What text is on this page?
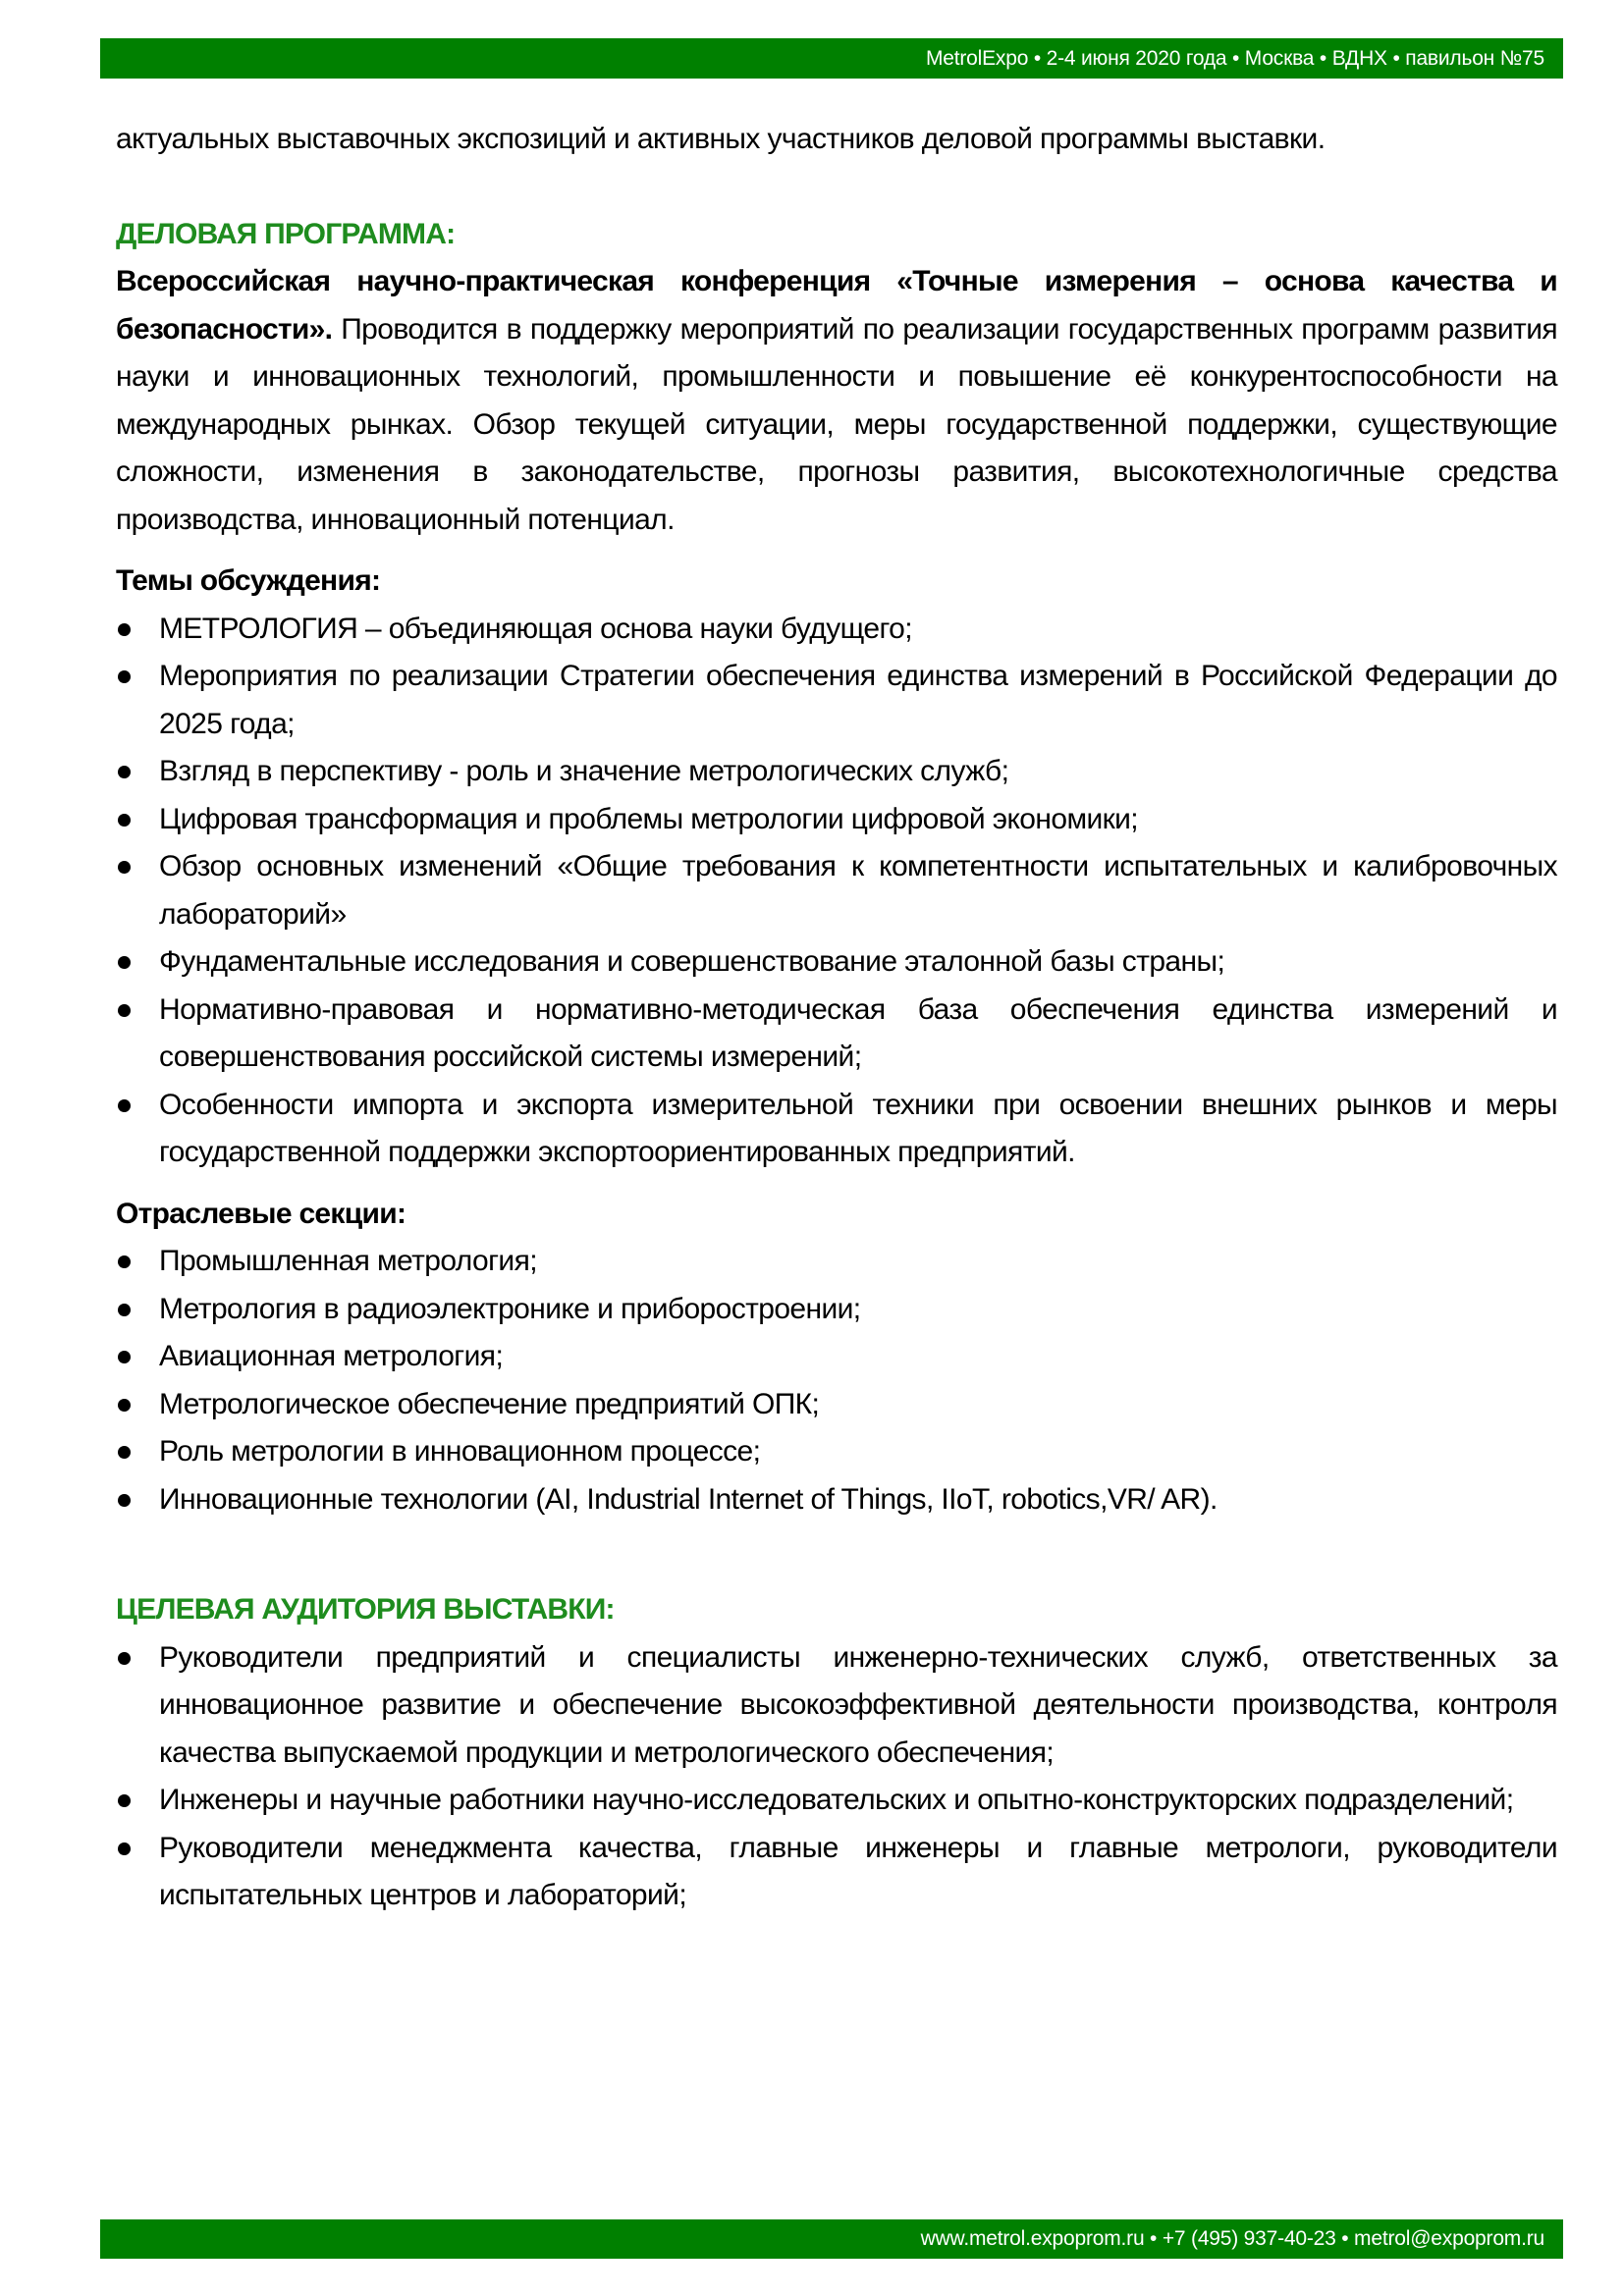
MetrolExpo • 2-4 июня 2020 года • Москва • ВДНХ • павильон №75

актуальных выставочных экспозиций и активных участников деловой программы выставки.

ДЕЛОВАЯ ПРОГРАММА:

Всероссийская научно-практическая конференция «Точные измерения – основа качества и безопасности». Проводится в поддержку мероприятий по реализации государственных программ развития науки и инновационных технологий, промышленности и повышение её конкурентоспособности на международных рынках. Обзор текущей ситуации, меры государственной поддержки, существующие сложности, изменения в законодательстве, прогнозы развития, высокотехнологичные средства производства, инновационный потенциал.

Темы обсуждения:
МЕТРОЛОГИЯ – объединяющая основа науки будущего;
Мероприятия по реализации Стратегии обеспечения единства измерений в Российской Федерации до 2025 года;
Взгляд в перспективу - роль и значение метрологических служб;
Цифровая трансформация и проблемы метрологии цифровой экономики;
Обзор основных изменений «Общие требования к компетентности испытательных и калибровочных лабораторий»
Фундаментальные исследования и совершенствование эталонной базы страны;
Нормативно-правовая и нормативно-методическая база обеспечения единства измерений и совершенствования российской системы измерений;
Особенности импорта и экспорта измерительной техники при освоении внешних рынков и меры государственной поддержки экспортоориентированных предприятий.
Отраслевые секции:
Промышленная метрология;
Метрология в радиоэлектронике и приборостроении;
Авиационная метрология;
Метрологическое обеспечение предприятий ОПК;
Роль метрологии в инновационном процессе;
Инновационные технологии (AI, Industrial Internet of Things, IIoT, robotics,VR/ AR).
ЦЕЛЕВАЯ АУДИТОРИЯ ВЫСТАВКИ:
Руководители предприятий и специалисты инженерно-технических служб, ответственных за инновационное развитие и обеспечение высокоэффективной деятельности производства, контроля качества выпускаемой продукции и метрологического обеспечения;
Инженеры и научные работники научно-исследовательских и опытно-конструкторских подразделений;
Руководители менеджмента качества, главные инженеры и главные метрологи, руководители испытательных центров и лабораторий;
www.metrol.expoprom.ru • +7 (495) 937-40-23 • metrol@expoprom.ru
